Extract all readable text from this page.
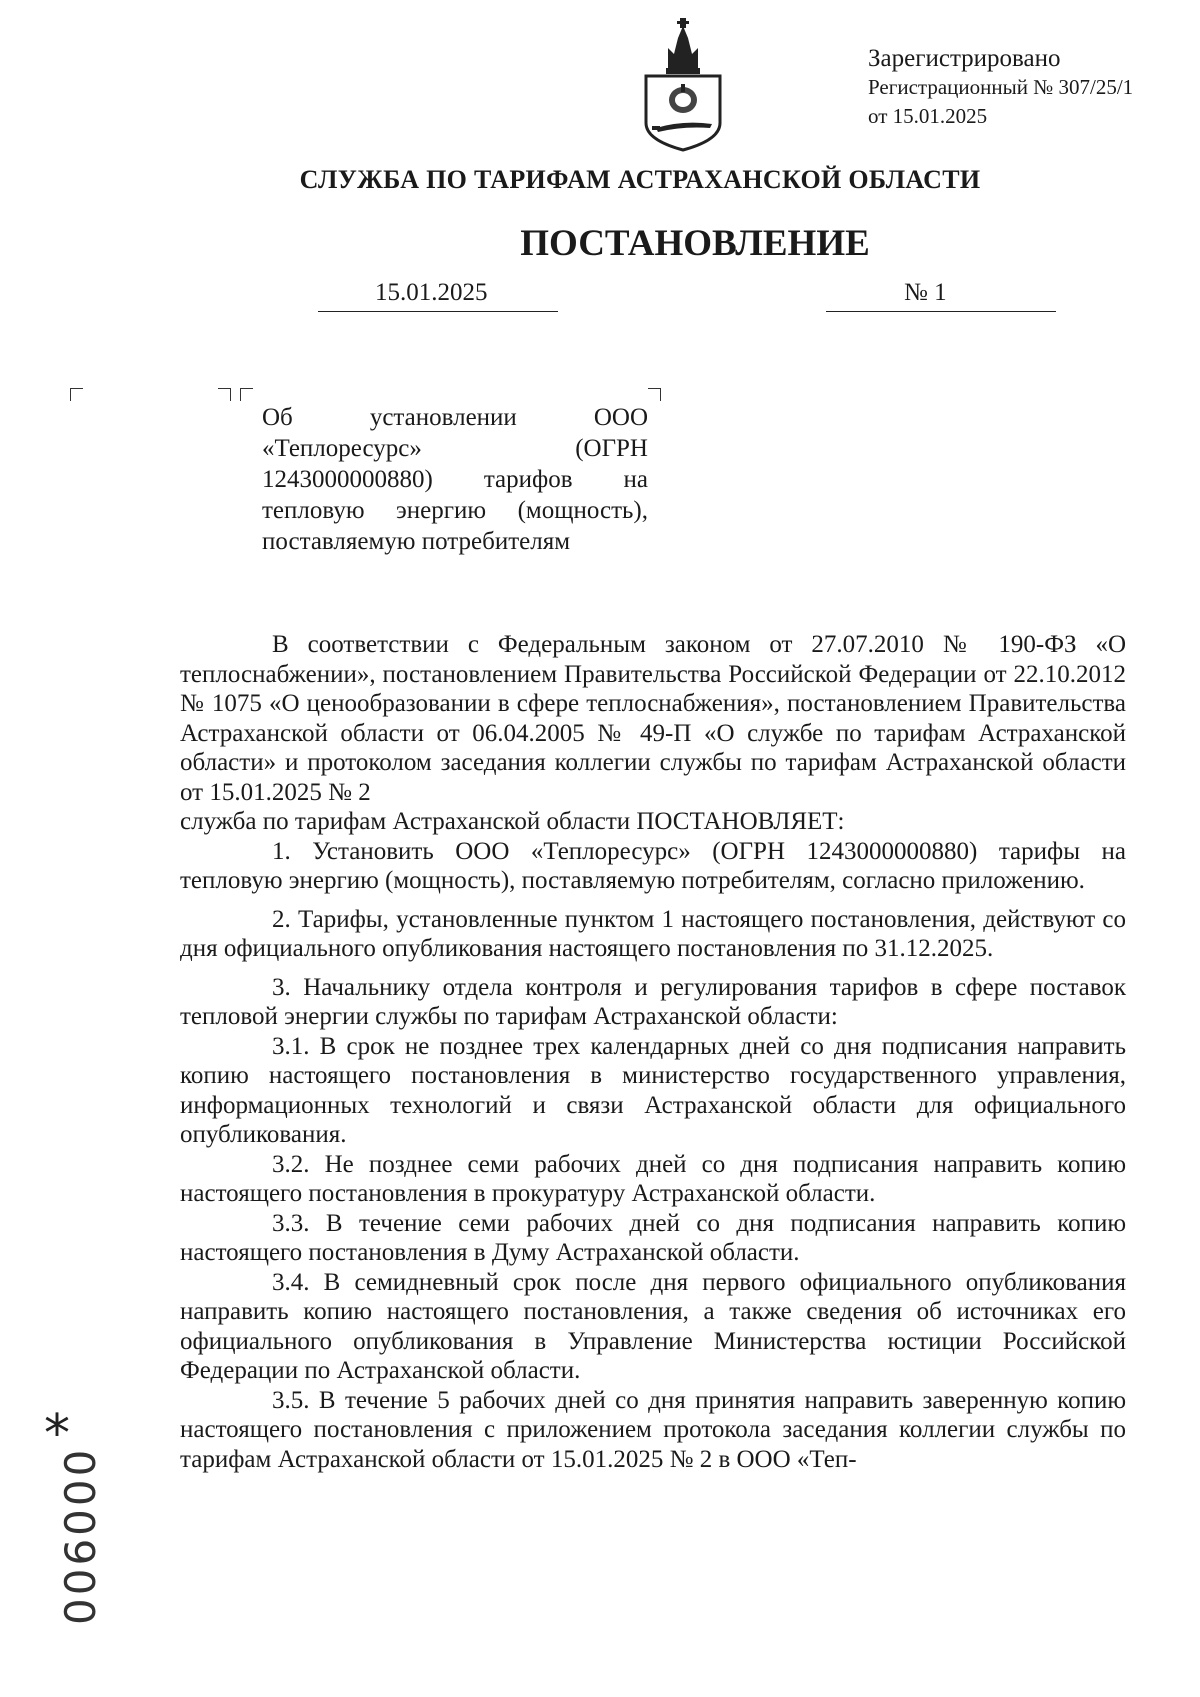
Зарегистрировано
Регистрационный № 307/25/1
от 15.01.2025
СЛУЖБА ПО ТАРИФАМ АСТРАХАНСКОЙ ОБЛАСТИ
ПОСТАНОВЛЕНИЕ
15.01.2025	№ 1
Об установлении ООО «Теплоресурс» (ОГРН 1243000000880) тарифов на тепловую энергию (мощность), поставляемую потребителям

В соответствии с Федеральным законом от 27.07.2010 № 190-ФЗ «О теплоснабжении», постановлением Правительства Российской Федерации от 22.10.2012 № 1075 «О ценообразовании в сфере теплоснабжения», постановлением Правительства Астраханской области от 06.04.2005 № 49-П «О службе по тарифам Астраханской области» и протоколом заседания коллегии службы по тарифам Астраханской области от 15.01.2025 № 2

служба по тарифам Астраханской области ПОСТАНОВЛЯЕТ:

1. Установить ООО «Теплоресурс» (ОГРН 1243000000880) тарифы на тепловую энергию (мощность), поставляемую потребителям, согласно приложению.

2. Тарифы, установленные пунктом 1 настоящего постановления, действуют со дня официального опубликования настоящего постановления по 31.12.2025.

3. Начальнику отдела контроля и регулирования тарифов в сфере поставок тепловой энергии службы по тарифам Астраханской области:

3.1. В срок не позднее трех календарных дней со дня подписания направить копию настоящего постановления в министерство государственного управления, информационных технологий и связи Астраханской области для официального опубликования.

3.2. Не позднее семи рабочих дней со дня подписания направить копию настоящего постановления в прокуратуру Астраханской области.

3.3. В течение семи рабочих дней со дня подписания направить копию настоящего постановления в Думу Астраханской области.

3.4. В семидневный срок после дня первого официального опубликования направить копию настоящего постановления, а также сведения об источниках его официального опубликования в Управление Министерства юстиции Российской Федерации по Астраханской области.

3.5. В течение 5 рабочих дней со дня принятия направить заверенную копию настоящего постановления с приложением протокола заседания коллегии службы по тарифам Астраханской области от 15.01.2025 № 2 в ООО «Теп-

*
006000
